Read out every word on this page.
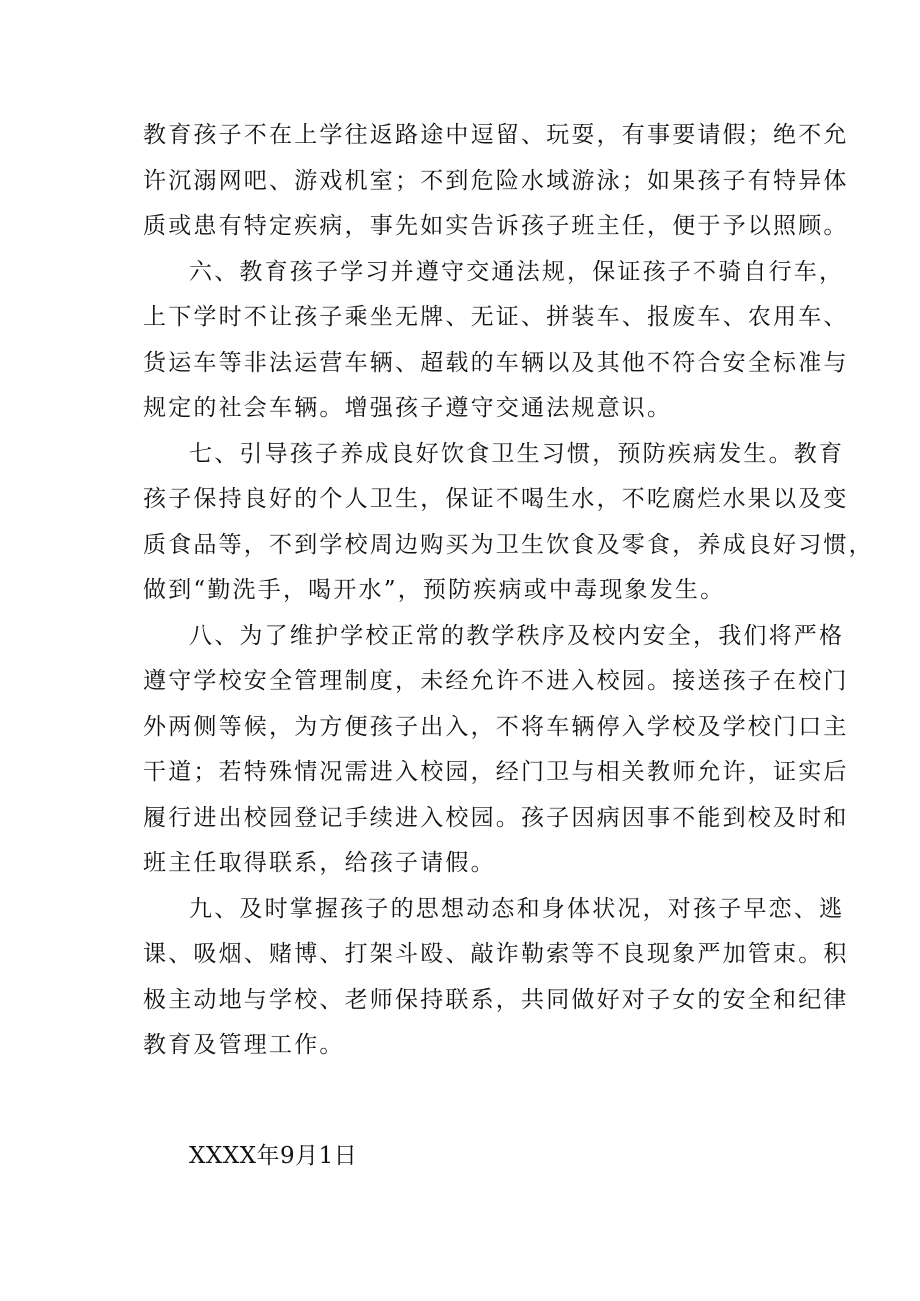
教育孩子不在上学往返路途中逗留、玩耍，有事要请假；绝不允
许沉溺网吧、游戏机室；不到危险水域游泳；如果孩子有特异体
质或患有特定疾病，事先如实告诉孩子班主任，便于予以照顾。
六、教育孩子学习并遵守交通法规，保证孩子不骑自行车，
上下学时不让孩子乘坐无牌、无证、拼装车、报废车、农用车、
货运车等非法运营车辆、超载的车辆以及其他不符合安全标准与
规定的社会车辆。增强孩子遵守交通法规意识。
七、引导孩子养成良好饮食卫生习惯，预防疾病发生。教育
孩子保持良好的个人卫生，保证不喝生水，不吃腐烂水果以及变
质食品等，不到学校周边购买为卫生饮食及零食，养成良好习惯，
做到“勤洗手，喝开水”，预防疾病或中毒现象发生。
八、为了维护学校正常的教学秩序及校内安全，我们将严格
遵守学校安全管理制度，未经允许不进入校园。接送孩子在校门
外两侧等候，为方便孩子出入，不将车辆停入学校及学校门口主
干道；若特殊情况需进入校园，经门卫与相关教师允许，证实后
履行进出校园登记手续进入校园。孩子因病因事不能到校及时和
班主任取得联系，给孩子请假。
九、及时掌握孩子的思想动态和身体状况，对孩子早恋、逃
课、吸烟、赌博、打架斗殴、敲诈勒索等不良现象严加管束。积
极主动地与学校、老师保持联系，共同做好对子女的安全和纪律
教育及管理工作。
XXXX年9月1日
